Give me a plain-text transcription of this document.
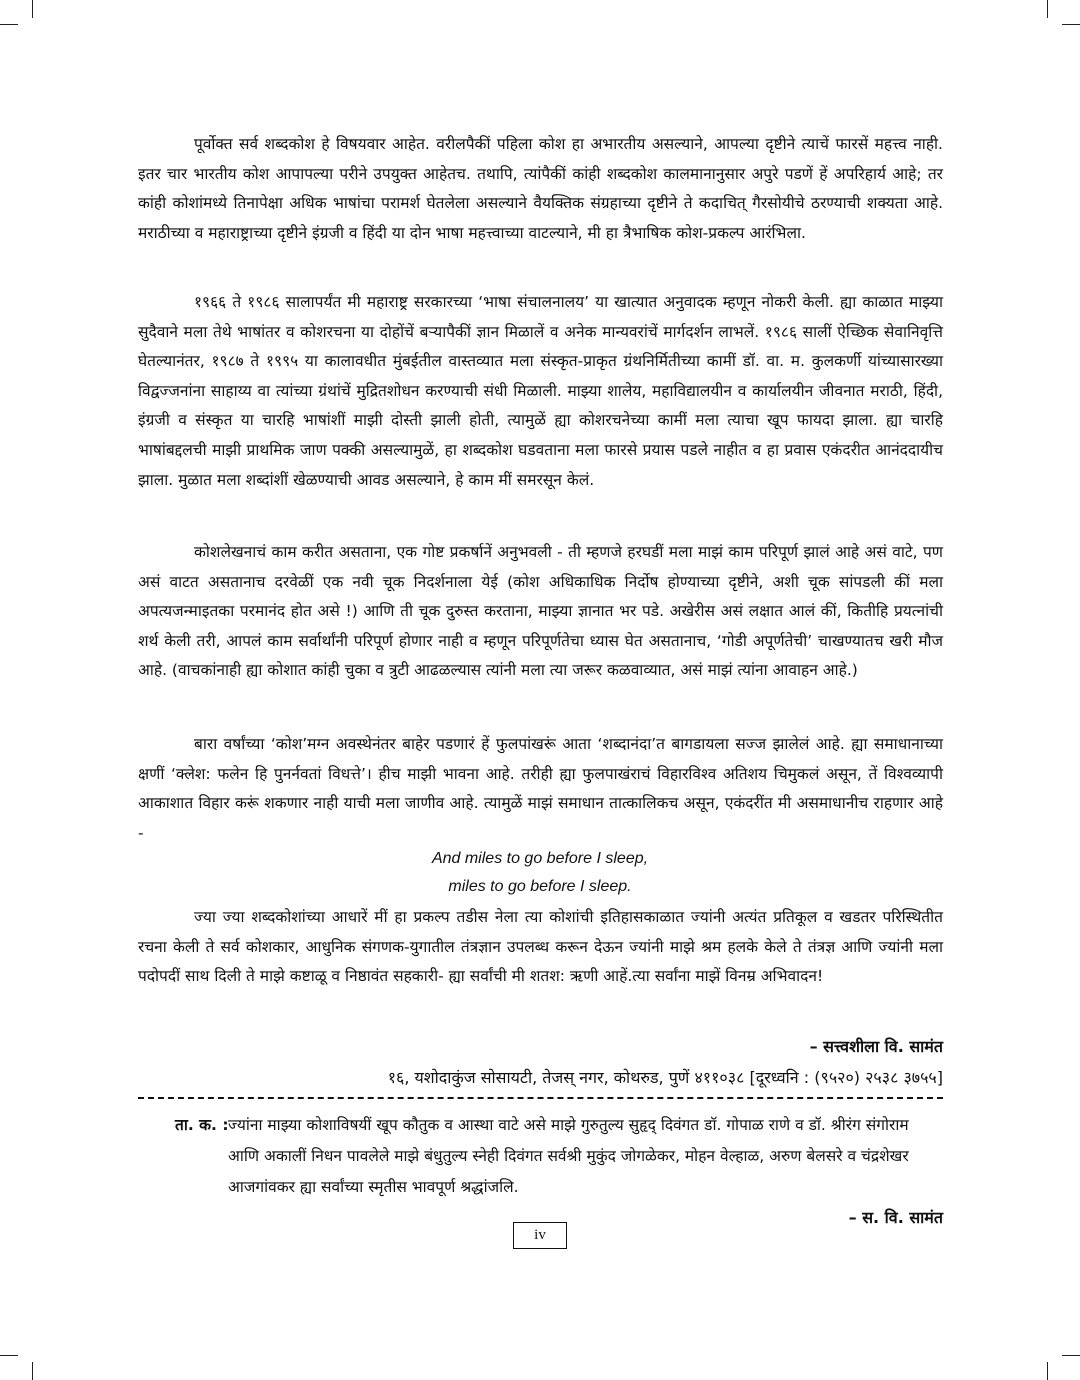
पूर्वोक्त सर्व शब्दकोश हे विषयवार आहेत. वरीलपैकीं पहिला कोश हा अभारतीय असल्याने, आपल्या दृष्टीने त्याचें फारसें महत्त्व नाही. इतर चार भारतीय कोश आपापल्या परीने उपयुक्त आहेतच. तथापि, त्यांपैकीं कांही शब्दकोश कालमानानुसार अपुरे पडणें हें अपरिहार्य आहे; तर कांही कोशांमध्ये तिनापेक्षा अधिक भाषांचा परामर्श घेतलेला असल्याने वैयक्तिक संग्रहाच्या दृष्टीने ते कदाचित् गैरसोयीचे ठरण्याची शक्यता आहे. मराठीच्या व महाराष्ट्राच्या दृष्टीने इंग्रजी व हिंदी या दोन भाषा महत्त्वाच्या वाटल्याने, मी हा त्रैभाषिक कोश-प्रकल्प आरंभिला.

१९६६ ते १९८६ सालापर्यंत मी महाराष्ट्र सरकारच्या ‘भाषा संचालनालय’ या खात्यात अनुवादक म्हणून नोकरी केली. ह्या काळात माझ्या सुदैवाने मला तेथे भाषांतर व कोशरचना या दोहोंचें बऱ्यापैकीं ज्ञान मिळालें व अनेक मान्यवरांचें मार्गदर्शन लाभलें. १९८६ सालीं ऐच्छिक सेवानिवृत्ति घेतल्यानंतर, १९८७ ते १९९५ या कालावधीत मुंबईतील वास्तव्यात मला संस्कृत-प्राकृत ग्रंथनिर्मितीच्या कामीं डॉ. वा. म. कुलकर्णी यांच्यासारख्या विद्वज्जनांना साहाय्य वा त्यांच्या ग्रंथांचें मुद्रितशोधन करण्याची संधी मिळाली. माझ्या शालेय, महाविद्यालयीन व कार्यालयीन जीवनात मराठी, हिंदी, इंग्रजी व संस्कृत या चारहि भाषांशीं माझी दोस्ती झाली होती, त्यामुळें ह्या कोशरचनेच्या कामीं मला त्याचा खूप फायदा झाला. ह्या चारहि भाषांबद्दलची माझी प्राथमिक जाण पक्की असल्यामुळें, हा शब्दकोश घडवताना मला फारसे प्रयास पडले नाहीत व हा प्रवास एकंदरीत आनंददायीच झाला. मुळात मला शब्दांशीं खेळण्याची आवड असल्याने, हे काम मीं समरसून केलं.

कोशलेखनाचं काम करीत असताना, एक गोष्ट प्रकर्षानें अनुभवली - ती म्हणजे हरघडीं मला माझं काम परिपूर्ण झालं आहे असं वाटे, पण असं वाटत असतानाच दरवेळीं एक नवी चूक निदर्शनाला येई (कोश अधिकाधिक निर्दोष होण्याच्या दृष्टीने, अशी चूक सांपडली कीं मला अपत्यजन्माइतका परमानंद होत असे !) आणि ती चूक दुरुस्त करताना, माझ्या ज्ञानात भर पडे. अखेरीस असं लक्षात आलं कीं, कितीहि प्रयत्नांची शर्थ केली तरी, आपलं काम सर्वार्थांनी परिपूर्ण होणार नाही व म्हणून परिपूर्णतेचा ध्यास घेत असतानाच, ‘गोडी अपूर्णतेची’ चाखण्यातच खरी मौज आहे. (वाचकांनाही ह्या कोशात कांही चुका व त्रुटी आढळल्यास त्यांनी मला त्या जरूर कळवाव्यात, असं माझं त्यांना आवाहन आहे.)

बारा वर्षांच्या ‘कोश’मग्न अवस्थेनंतर बाहेर पडणारं हें फुलपांखरूं आता ‘शब्दानंदा’त बागडायला सज्ज झालेलं आहे. ह्या समाधानाच्या क्षणीं ‘क्लेश: फलेन हि पुनर्नवतां विधत्ते’। हीच माझी भावना आहे. तरीही ह्या फुलपाखंराचं विहारविश्व अतिशय चिमुकलं असून, तें विश्वव्यापी आकाशात विहार करूं शकणार नाही याची मला जाणीव आहे. त्यामुळें माझं समाधान तात्कालिकच असून, एकंदरींत मी असमाधानीच राहणार आहे -

And miles to go before I sleep,
miles to go before I sleep.

ज्या ज्या शब्दकोशांच्या आधारें मीं हा प्रकल्प तडीस नेला त्या कोशांची इतिहासकाळात ज्यांनी अत्यंत प्रतिकूल व खडतर परिस्थितीत रचना केली ते सर्व कोशकार, आधुनिक संगणक-युगातील तंत्रज्ञान उपलब्ध करून देऊन ज्यांनी माझे श्रम हलके केले ते तंत्रज्ञ आणि ज्यांनी मला पदोपदीं साथ दिली ते माझे कष्टाळू व निष्ठावंत सहकारी- ह्या सर्वांची मी शतश: ऋणी आहें.त्या सर्वांना माझें विनम्र अभिवादन!

– सत्त्वशीला वि. सामंत
१६, यशोदाकुंज सोसायटी, तेजस् नगर, कोथरुड, पुणें ४११०३८ [दूरध्वनि : (९५२०) २५३८ ३७५५]
ता. क. : ज्यांना माझ्या कोशाविषयीं खूप कौतुक व आस्था वाटे असे माझे गुरुतुल्य सुहृद् दिवंगत डॉ. गोपाळ राणे व डॉ. श्रीरंग संगोराम आणि अकालीं निधन पावलेले माझे बंधुतुल्य स्नेही दिवंगत सर्वश्री मुकुंद जोगळेकर, मोहन वेल्हाळ, अरुण बेलसरे व चंद्रशेखर आजगांवकर ह्या सर्वांच्या स्मृतीस भावपूर्ण श्रद्धांजलि.
– स. वि. सामंत
iv
